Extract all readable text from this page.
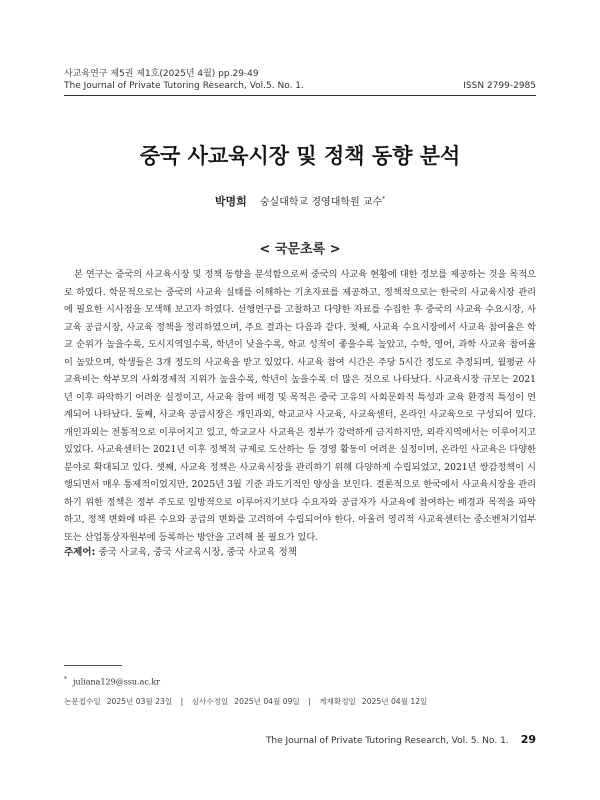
사교육연구 제5권 제1호(2025년 4월) pp.29-49
The Journal of Private Tutoring Research, Vol.5. No. 1.	ISSN 2799-2985
중국 사교육시장 및 정책 동향 분석
박명희 숭실대학교 경영대학원 교수*
< 국문초록 >

본 연구는 중국의 사교육시장 및 정책 동향을 분석함으로써 중국의 사교육 현황에 대한 정보를 제공하는 것을 목적으로 하였다. 학문적으로는 중국의 사교육 실태를 이해하는 기초자료를 제공하고, 정책적으로는 한국의 사교육시장 관리에 필요한 시사점을 모색해 보고자 하였다. 선행연구를 고찰하고 다양한 자료를 수집한 후 중국의 사교육 수요시장, 사교육 공급시장, 사교육 정책을 정리하였으며, 주요 결과는 다음과 같다. 첫째, 사교육 수요시장에서 사교육 참여율은 학교 순위가 높을수록, 도시지역일수록, 학년이 낮을수록, 학교 성적이 좋을수록 높았고, 수학, 영어, 과학 사교육 참여율이 높았으며, 학생들은 3개 정도의 사교육을 받고 있었다. 사교육 참여 시간은 주당 5시간 정도로 추정되며, 월평균 사교육비는 학부모의 사회경제적 지위가 높을수록, 학년이 높을수록 더 많은 것으로 나타났다. 사교육시장 규모는 2021년 이후 파악하기 어려운 실정이고, 사교육 참여 배경 및 목적은 중국 고유의 사회문화적 특성과 교육 환경적 특성이 연계되어 나타났다. 둘째, 사교육 공급시장은 개인과외, 학교교사 사교육, 사교육센터, 온라인 사교육으로 구성되어 있다. 개인과외는 전통적으로 이루어지고 있고, 학교교사 사교육은 정부가 강력하게 금지하지만, 외곽지역에서는 이루어지고 있었다. 사교육센터는 2021년 이후 정책적 규제로 도산하는 등 경영 활동이 어려운 실정이며, 온라인 사교육은 다양한 분야로 확대되고 있다. 셋째, 사교육 정책은 사교육시장을 관리하기 위해 다양하게 수립되었고, 2021년 쌍감정책이 시행되면서 매우 통제적이었지만, 2025년 3월 기준 과도기적인 양상을 보인다. 결론적으로 한국에서 사교육시장을 관리하기 위한 정책은 정부 주도로 일방적으로 이루어지기보다 수요자와 공급자가 사교육에 참여하는 배경과 목적을 파악하고, 정책 변화에 따른 수요와 공급의 변화를 고려하여 수립되어야 한다. 아울러 영리적 사교육센터는 중소벤처기업부 또는 산업통상자원부에 등록하는 방안을 고려해 볼 필요가 있다.

주제어: 중국 사교육, 중국 사교육시장, 중국 사교육 정책
* juliana129@ssu.ac.kr
논문접수일 2025년 03월 23일 | 심사수정일 2025년 04월 09일 | 게재확정일 2025년 04월 12일
The Journal of Private Tutoring Research, Vol. 5. No. 1. 29
